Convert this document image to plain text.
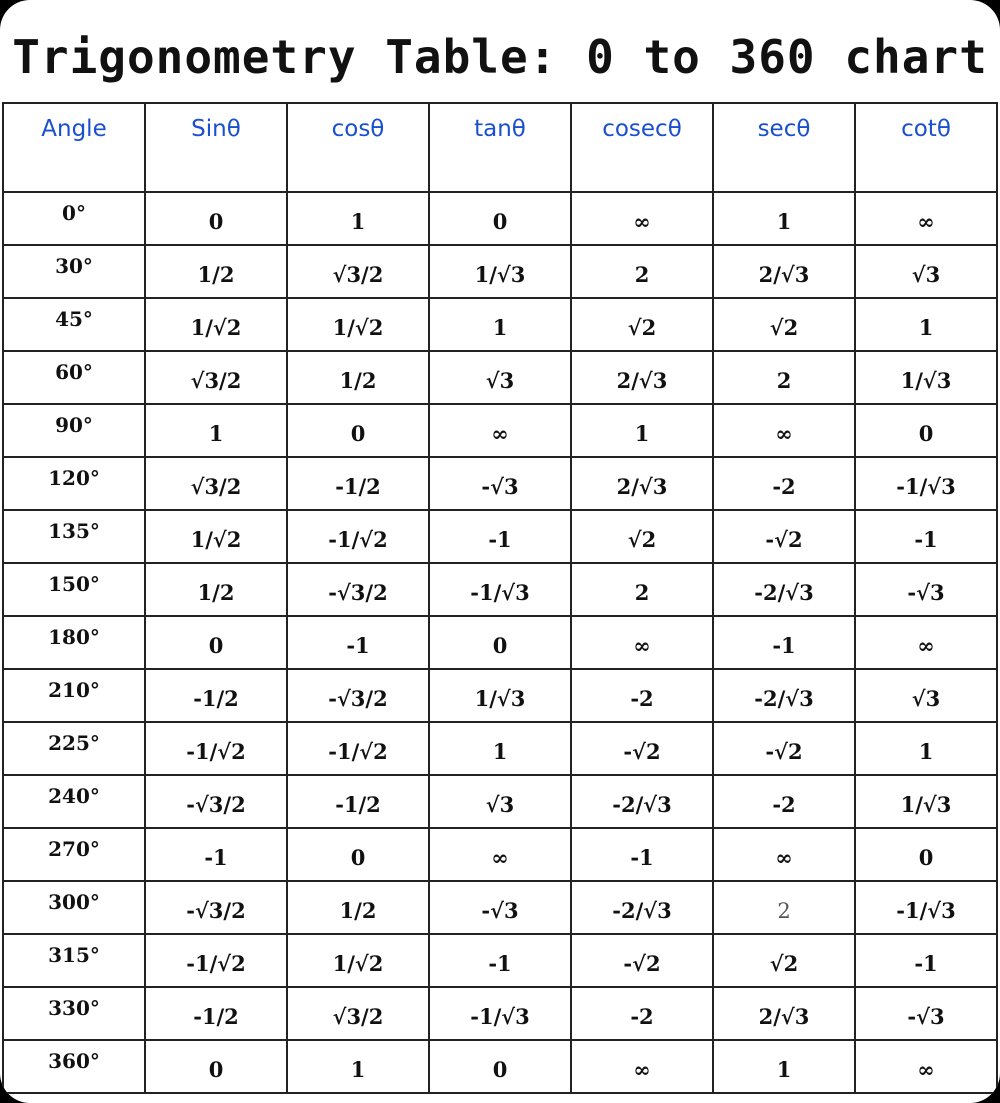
Trigonometry Table: 0 to 360 chart
Angle	Sinθ	cosθ	tanθ	cosecθ	secθ	cotθ
0°	0	1	0	∞	1	∞
30°	1/2	√3/2	1/√3	2	2/√3	√3
45°	1/√2	1/√2	1	√2	√2	1
60°	√3/2	1/2	√3	2/√3	2	1/√3
90°	1	0	∞	1	∞	0
120°	√3/2	-1/2	-√3	2/√3	-2	-1/√3
135°	1/√2	-1/√2	-1	√2	-√2	-1
150°	1/2	-√3/2	-1/√3	2	-2/√3	-√3
180°	0	-1	0	∞	-1	∞
210°	-1/2	-√3/2	1/√3	-2	-2/√3	√3
225°	-1/√2	-1/√2	1	-√2	-√2	1
240°	-√3/2	-1/2	√3	-2/√3	-2	1/√3
270°	-1	0	∞	-1	∞	0
300°	-√3/2	1/2	-√3	-2/√3	2	-1/√3
315°	-1/√2	1/√2	-1	-√2	√2	-1
330°	-1/2	√3/2	-1/√3	-2	2/√3	-√3
360°	0	1	0	∞	1	∞
